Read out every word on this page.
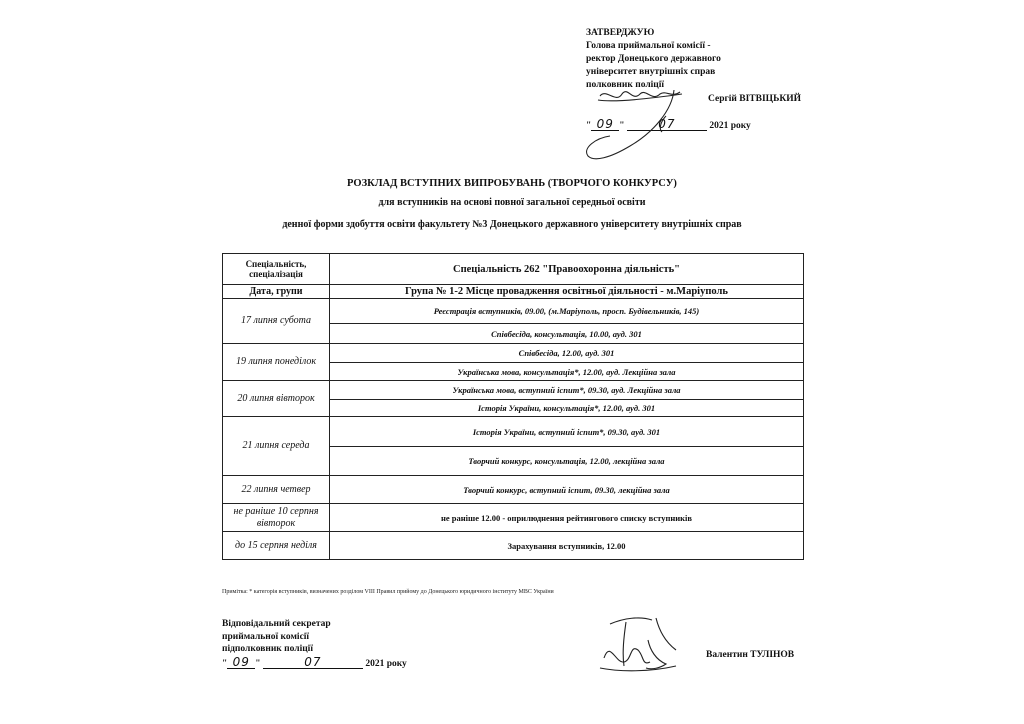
ЗАТВЕРДЖУЮ
Голова приймальної комісії -
ректор Донецького державного
університет внутрішніх справ
полковник поліції
Сергій ВІТВІЦЬКИЙ
" 09 "	07	2021 року
РОЗКЛАД ВСТУПНИХ ВИПРОБУВАНЬ (ТВОРЧОГО КОНКУРСУ)
для вступників на основі повної загальної середньої освіти
денної форми здобуття освіти факультету №3 Донецького державного університету внутрішніх справ
Спеціальність, спеціалізація	Спеціальність 262 "Правоохоронна діяльність"
Дата, групи	Група № 1-2 Місце провадження освітньої діяльності - м.Маріуполь
17 липня субота	Реєстрація вступників, 09.00, (м.Маріуполь, просп. Будівельників, 145)
	Співбесіда, консультація, 10.00, ауд. 301
19 липня понеділок	Співбесіда, 12.00, ауд. 301
	Українська мова, консультація*, 12.00, ауд. Лекційна зала
20 липня вівторок	Українська мова, вступний іспит*, 09.30, ауд. Лекційна зала
	Історія України, консультація*, 12.00, ауд. 301
21 липня середа	Історія України, вступний іспит*, 09.30, ауд. 301
	Творчий конкурс, консультація, 12.00, лекційна зала
22 липня четвер	Творчий конкурс, вступний іспит, 09.30, лекційна зала
не раніше 10 серпня вівторок	не раніше 12.00 - оприлюднення рейтингового списку вступників
до 15 серпня неділя	Зарахування вступників, 12.00
Примітка: * категорія вступників, визначених розділом VIII Правил прийому до Донецького юридичного інституту МВС України
Відповідальний секретар
приймальної комісії
підполковник поліції
" 09 "	07	2021 року
Валентин ТУЛІНОВ
